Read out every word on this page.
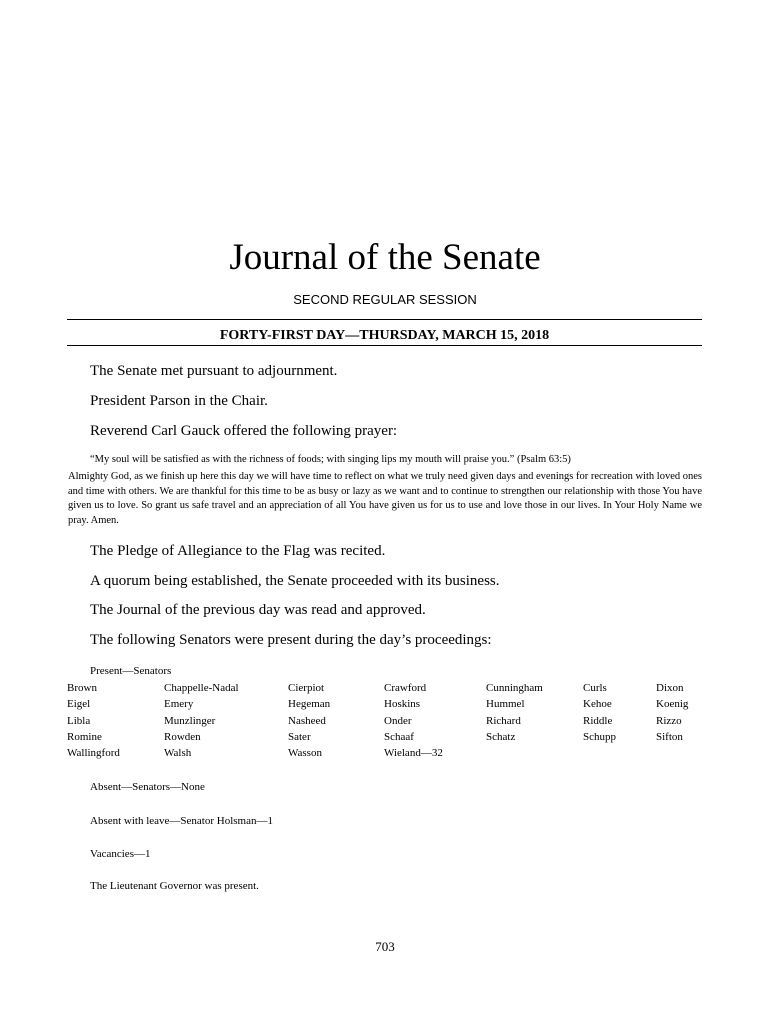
Journal of the Senate
SECOND REGULAR SESSION
FORTY-FIRST DAY—THURSDAY, MARCH 15, 2018
The Senate met pursuant to adjournment.
President Parson in the Chair.
Reverend Carl Gauck offered the following prayer:
“My soul will be satisfied as with the richness of foods; with singing lips my mouth will praise you.” (Psalm 63:5)
Almighty God, as we finish up here this day we will have time to reflect on what we truly need given days and evenings for recreation with loved ones and time with others. We are thankful for this time to be as busy or lazy as we want and to continue to strengthen our relationship with those You have given us to love. So grant us safe travel and an appreciation of all You have given us for us to use and love those in our lives. In Your Holy Name we pray. Amen.
The Pledge of Allegiance to the Flag was recited.
A quorum being established, the Senate proceeded with its business.
The Journal of the previous day was read and approved.
The following Senators were present during the day’s proceedings:
Present—Senators
Brown	Chappelle-Nadal	Cierpiot	Crawford	Cunningham	Curls	Dixon
Eigel	Emery	Hegeman	Hoskins	Hummel	Kehoe	Koenig
Libla	Munzlinger	Nasheed	Onder	Richard	Riddle	Rizzo
Romine	Rowden	Sater	Schaaf	Schatz	Schupp	Sifton
Wallingford	Walsh	Wasson	Wieland—32
Absent—Senators—None
Absent with leave—Senator Holsman—1
Vacancies—1
The Lieutenant Governor was present.
703
